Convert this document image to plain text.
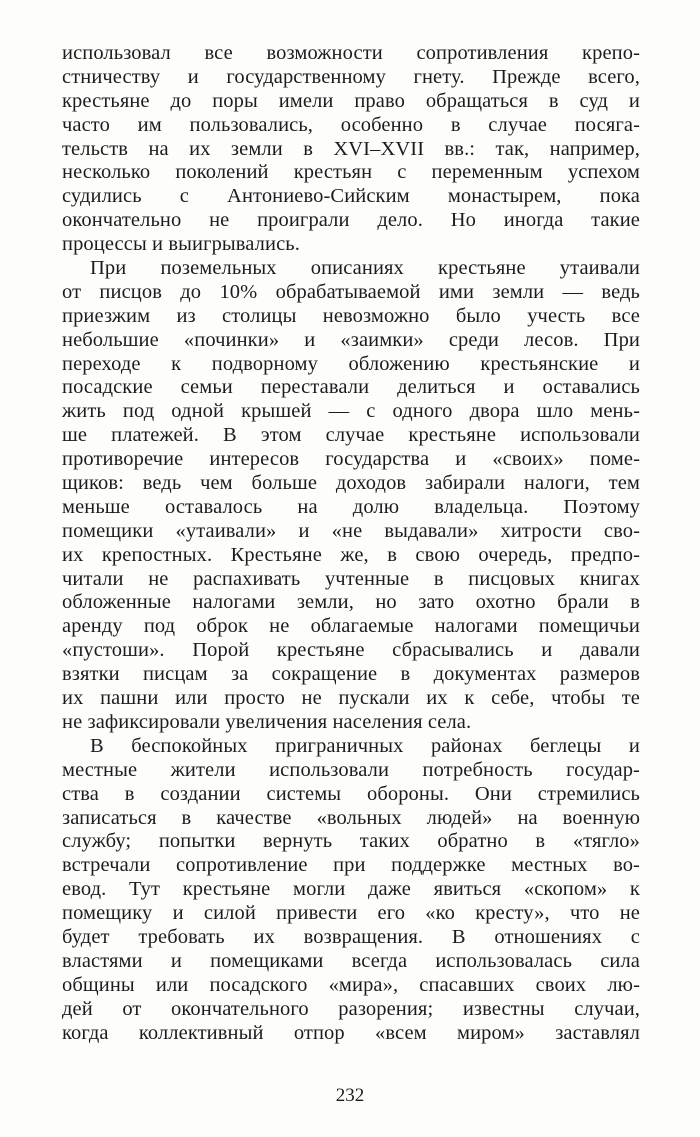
использовал все возможности сопротивления крепо-
стничеству и государственному гнету. Прежде всего,
крестьяне до поры имели право обращаться в суд и
часто им пользовались, особенно в случае посяга-
тельств на их земли в XVI–XVII вв.: так, например,
несколько поколений крестьян с переменным успехом
судились с Антониево-Сийским монастырем, пока
окончательно не проиграли дело. Но иногда такие
процессы и выигрывались.
При поземельных описаниях крестьяне утаивали
от писцов до 10% обрабатываемой ими земли — ведь
приезжим из столицы невозможно было учесть все
небольшие «починки» и «заимки» среди лесов. При
переходе к подворному обложению крестьянские и
посадские семьи переставали делиться и оставались
жить под одной крышей — с одного двора шло мень-
ше платежей. В этом случае крестьяне использовали
противоречие интересов государства и «своих» поме-
щиков: ведь чем больше доходов забирали налоги, тем
меньше оставалось на долю владельца. Поэтому
помещики «утаивали» и «не выдавали» хитрости сво-
их крепостных. Крестьяне же, в свою очередь, предпо-
читали не распахивать учтенные в писцовых книгах
обложенные налогами земли, но зато охотно брали в
аренду под оброк не облагаемые налогами помещичьи
«пустоши». Порой крестьяне сбрасывались и давали
взятки писцам за сокращение в документах размеров
их пашни или просто не пускали их к себе, чтобы те
не зафиксировали увеличения населения села.
В беспокойных приграничных районах беглецы и
местные жители использовали потребность государ-
ства в создании системы обороны. Они стремились
записаться в качестве «вольных людей» на военную
службу; попытки вернуть таких обратно в «тягло»
встречали сопротивление при поддержке местных во-
евод. Тут крестьяне могли даже явиться «скопом» к
помещику и силой привести его «ко кресту», что не
будет требовать их возвращения. В отношениях с
властями и помещиками всегда использовалась сила
общины или посадского «мира», спасавших своих лю-
дей от окончательного разорения; известны случаи,
когда коллективный отпор «всем миром» заставлял
232
